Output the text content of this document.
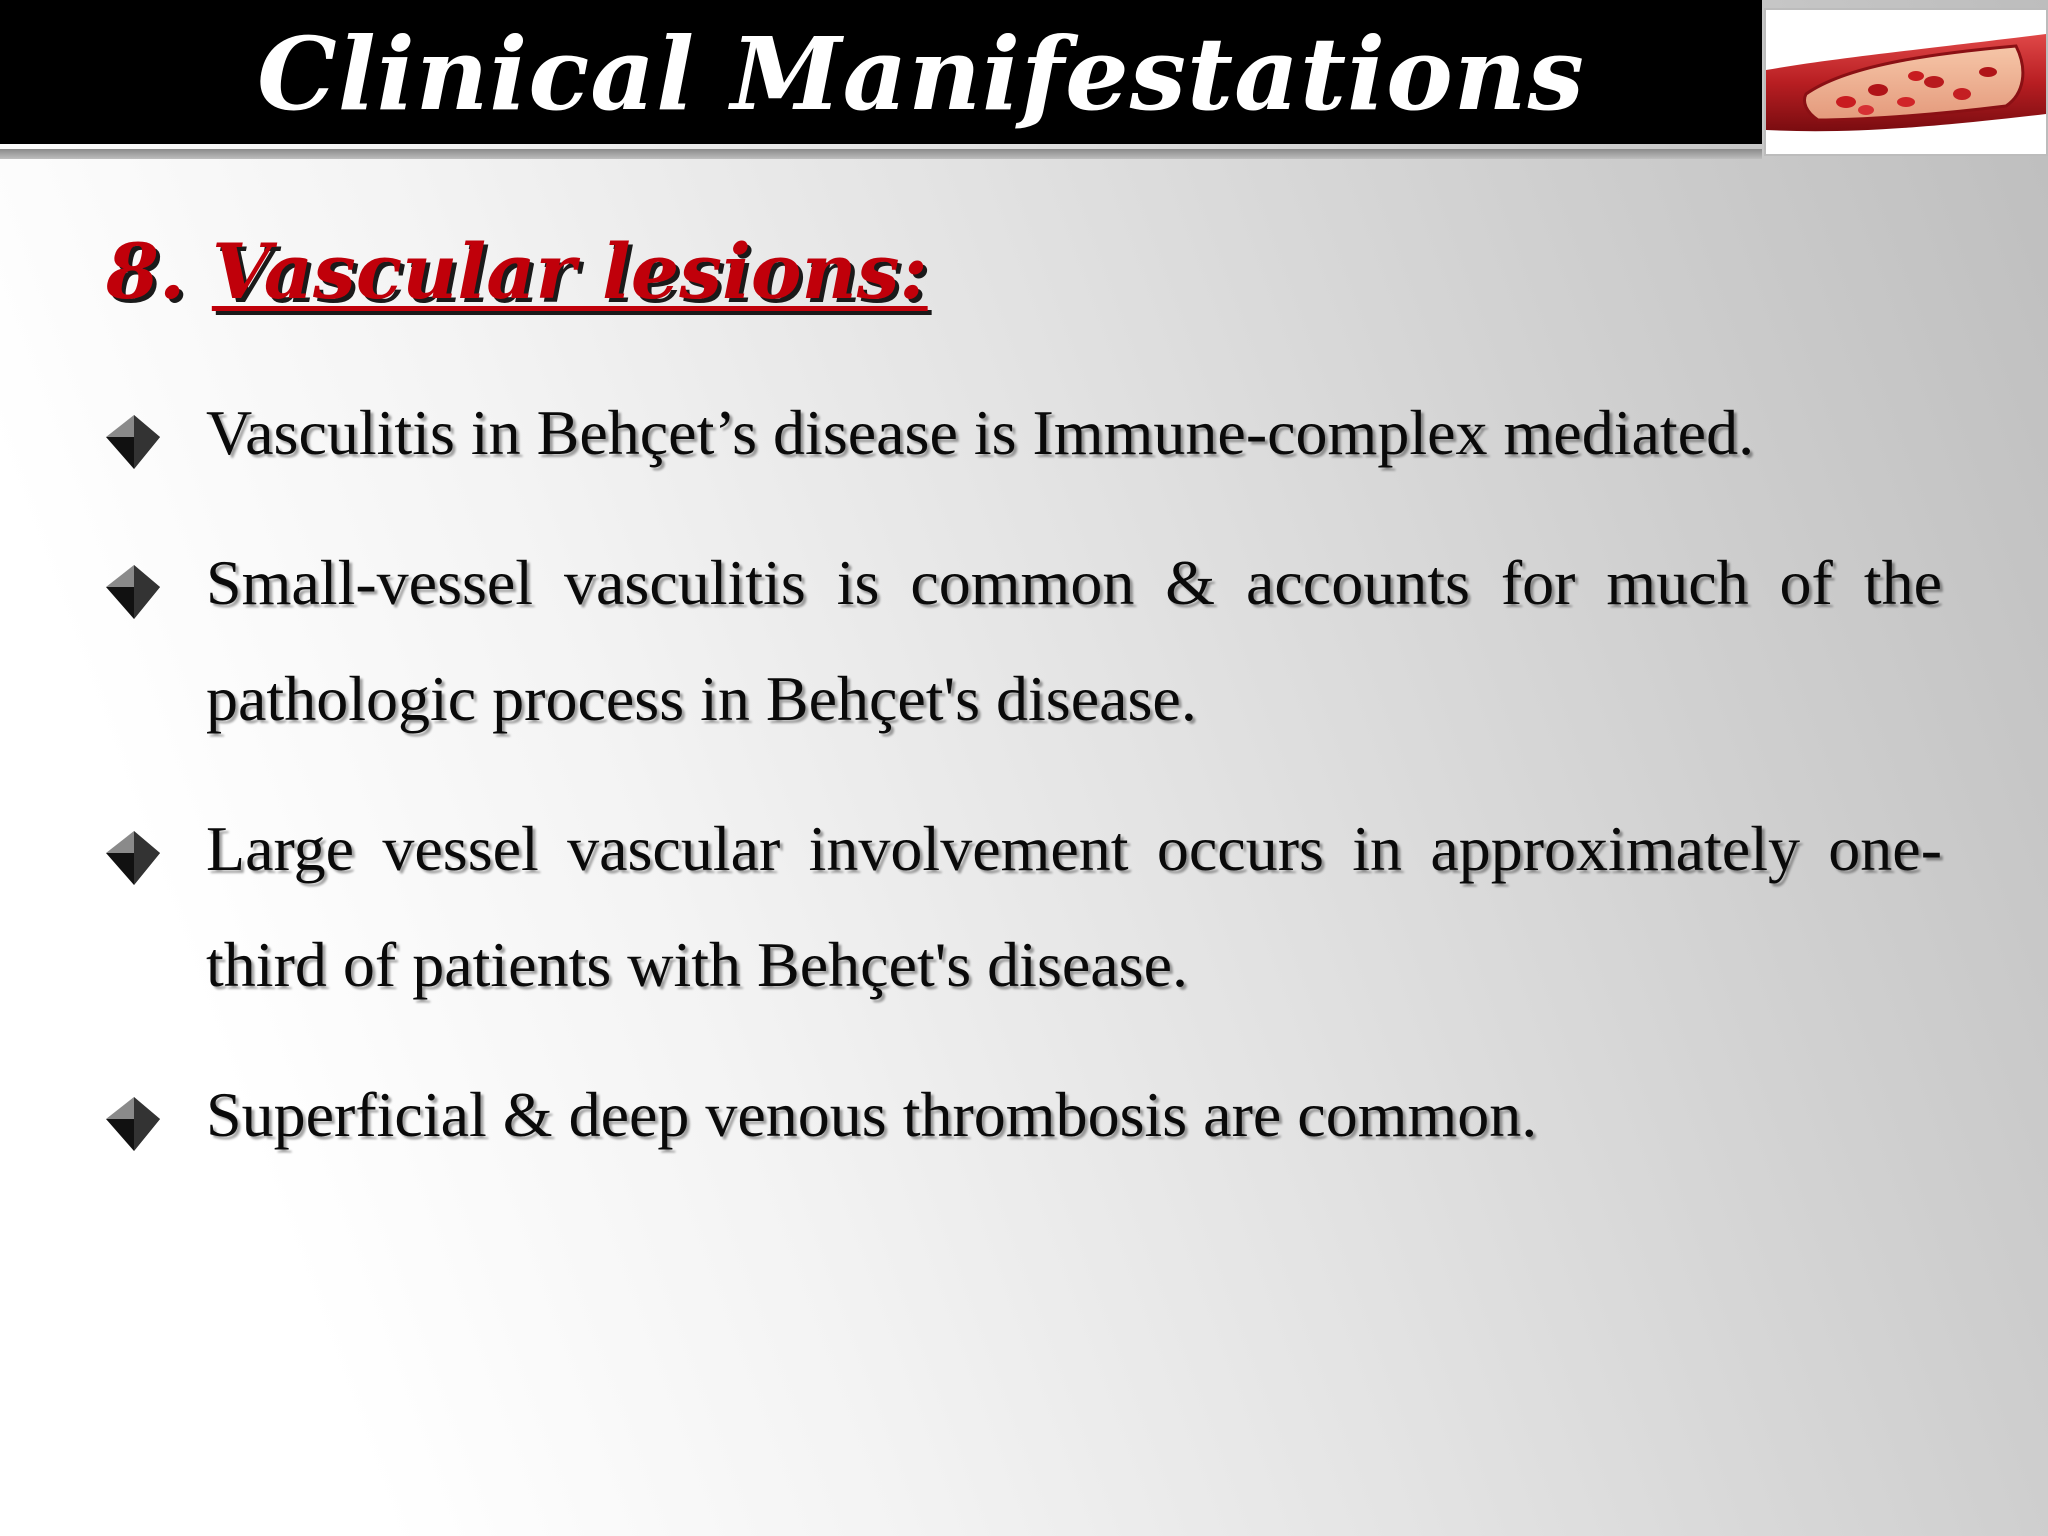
Clinical Manifestations
8. Vascular lesions:
Vasculitis in Behçet’s disease is Immune-complex mediated.
Small-vessel vasculitis is common & accounts for much of the pathologic process in Behçet's disease.
Large vessel vascular involvement occurs in approximately one-third of patients with Behçet's disease.
Superficial & deep venous thrombosis are common.
